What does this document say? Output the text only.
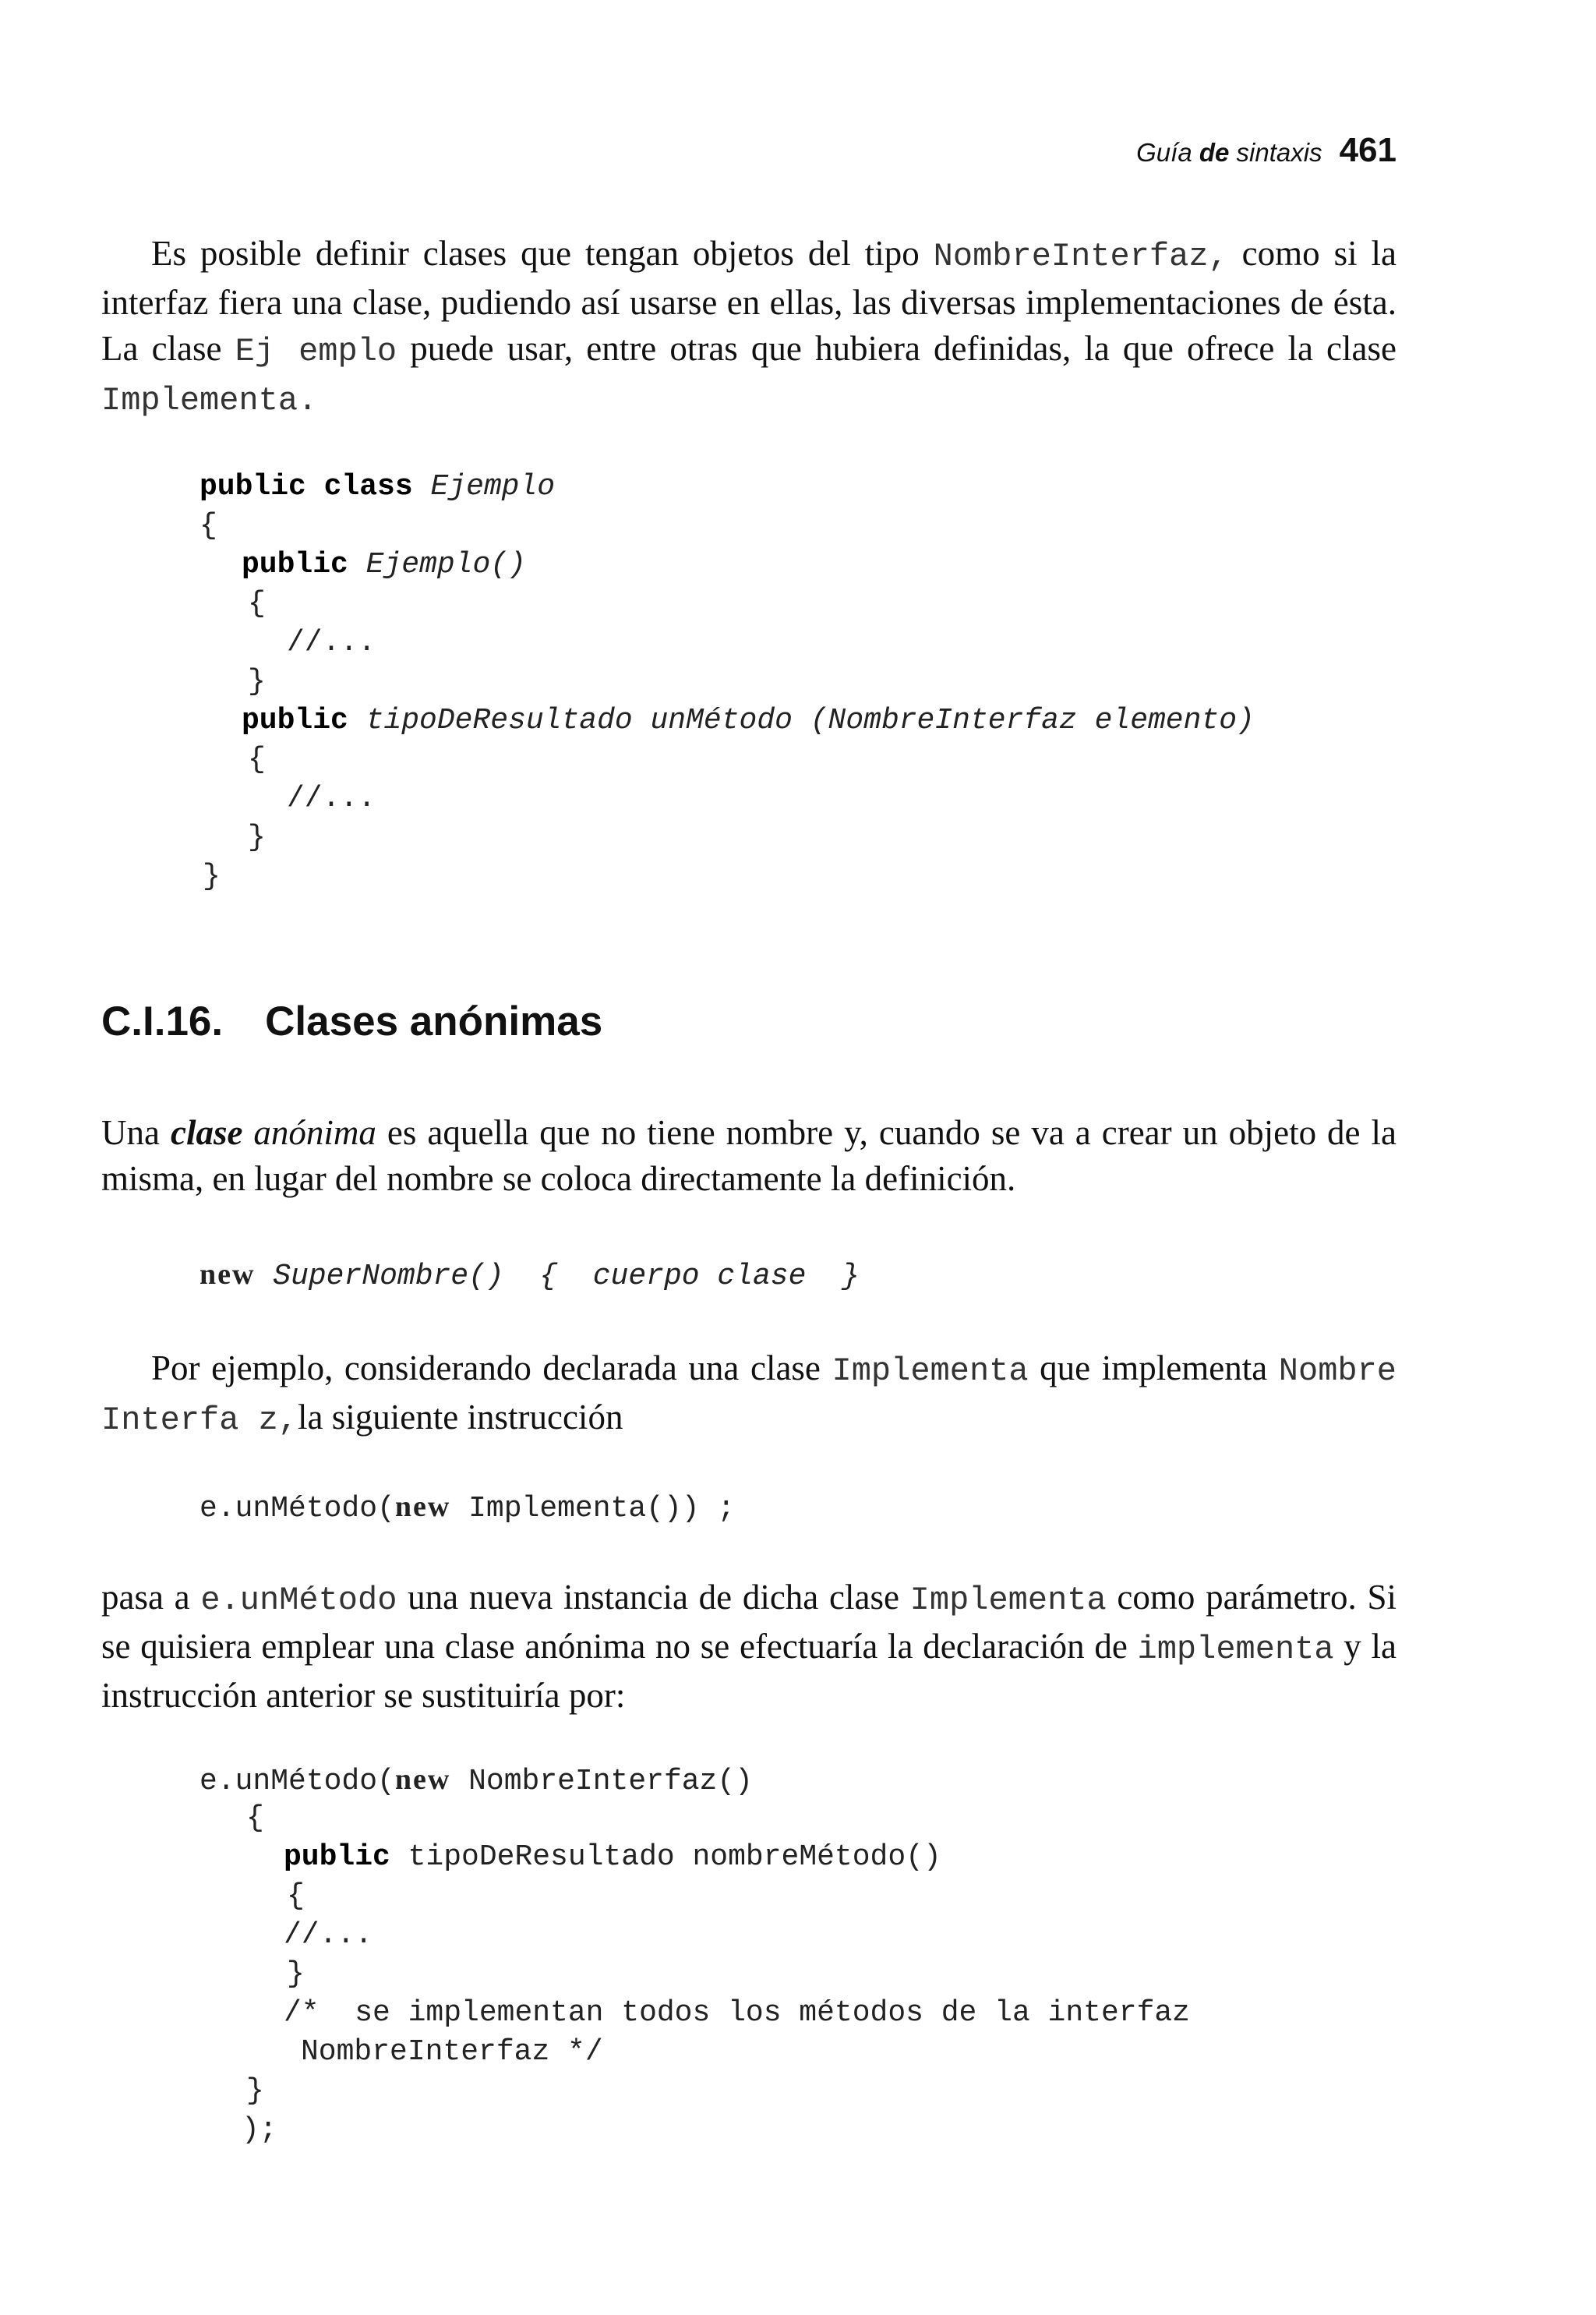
Guía de sintaxis 461

Es posible definir clases que tengan objetos del tipo NombreInterfaz, como si la interfaz fiera una clase, pudiendo así usarse en ellas, las diversas implementaciones de ésta. La clase Ej emplo puede usar, entre otras que hubiera definidas, la que ofrece la clase Implementa.

public class Ejemplo

{

public Ejemplo()

{

//...

}

public tipoDeResultado unMétodo (NombreInterfaz elemento)

{

//...

}

}

C.I.16. Clases anónimas

Una clase anónima es aquella que no tiene nombre y, cuando se va a crear un objeto de la misma, en lugar del nombre se coloca directamente la definición.

new SuperNombre()  {  cuerpo clase  }

Por ejemplo, considerando declarada una clase Implementa que implementa Nombre Interfa z,la siguiente instrucción

e.unMétodo(new Implementa()) ;

pasa a e.unMétodo una nueva instancia de dicha clase Implementa como parámetro. Si se quisiera emplear una clase anónima no se efectuaría la declaración de implementa y la instrucción anterior se sustituiría por:

e.unMétodo(new NombreInterfaz()

{

public tipoDeResultado nombreMétodo()

{

//...

}

/*  se implementan todos los métodos de la interfaz

NombreInterfaz */

}

);
